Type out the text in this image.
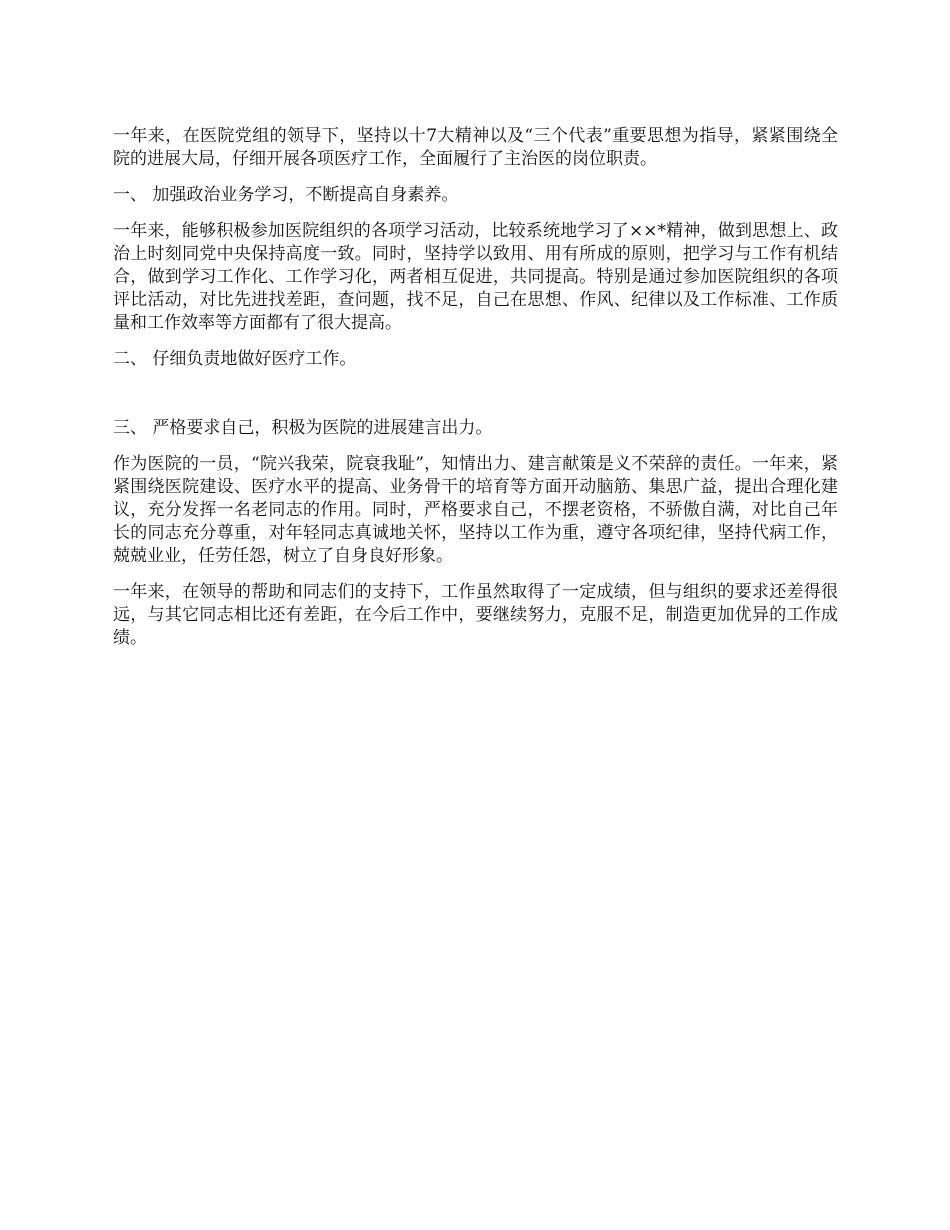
一年来，在医院党组的领导下，坚持以十7大精神以及“三个代表”重要思想为指导，紧紧围绕全院的进展大局，仔细开展各项医疗工作，全面履行了主治医的岗位职责。

一、 加强政治业务学习，不断提高自身素养。

一年来，能够积极参加医院组织的各项学习活动，比较系统地学习了××*精神，做到思想上、政治上时刻同党中央保持高度一致。同时，坚持学以致用、用有所成的原则，把学习与工作有机结合，做到学习工作化、工作学习化，两者相互促进，共同提高。特别是通过参加医院组织的各项评比活动，对比先进找差距，查问题，找不足，自己在思想、作风、纪律以及工作标准、工作质量和工作效率等方面都有了很大提高。

二、 仔细负责地做好医疗工作。

三、 严格要求自己，积极为医院的进展建言出力。

作为医院的一员，“院兴我荣，院衰我耻”，知情出力、建言献策是义不荣辞的责任。一年来，紧紧围绕医院建设、医疗水平的提高、业务骨干的培育等方面开动脑筋、集思广益，提出合理化建议，充分发挥一名老同志的作用。同时，严格要求自己，不摆老资格，不骄傲自满，对比自己年长的同志充分尊重，对年轻同志真诚地关怀，坚持以工作为重，遵守各项纪律，坚持代病工作，兢兢业业，任劳任怨，树立了自身良好形象。

一年来，在领导的帮助和同志们的支持下，工作虽然取得了一定成绩，但与组织的要求还差得很远，与其它同志相比还有差距，在今后工作中，要继续努力，克服不足，制造更加优异的工作成绩。
